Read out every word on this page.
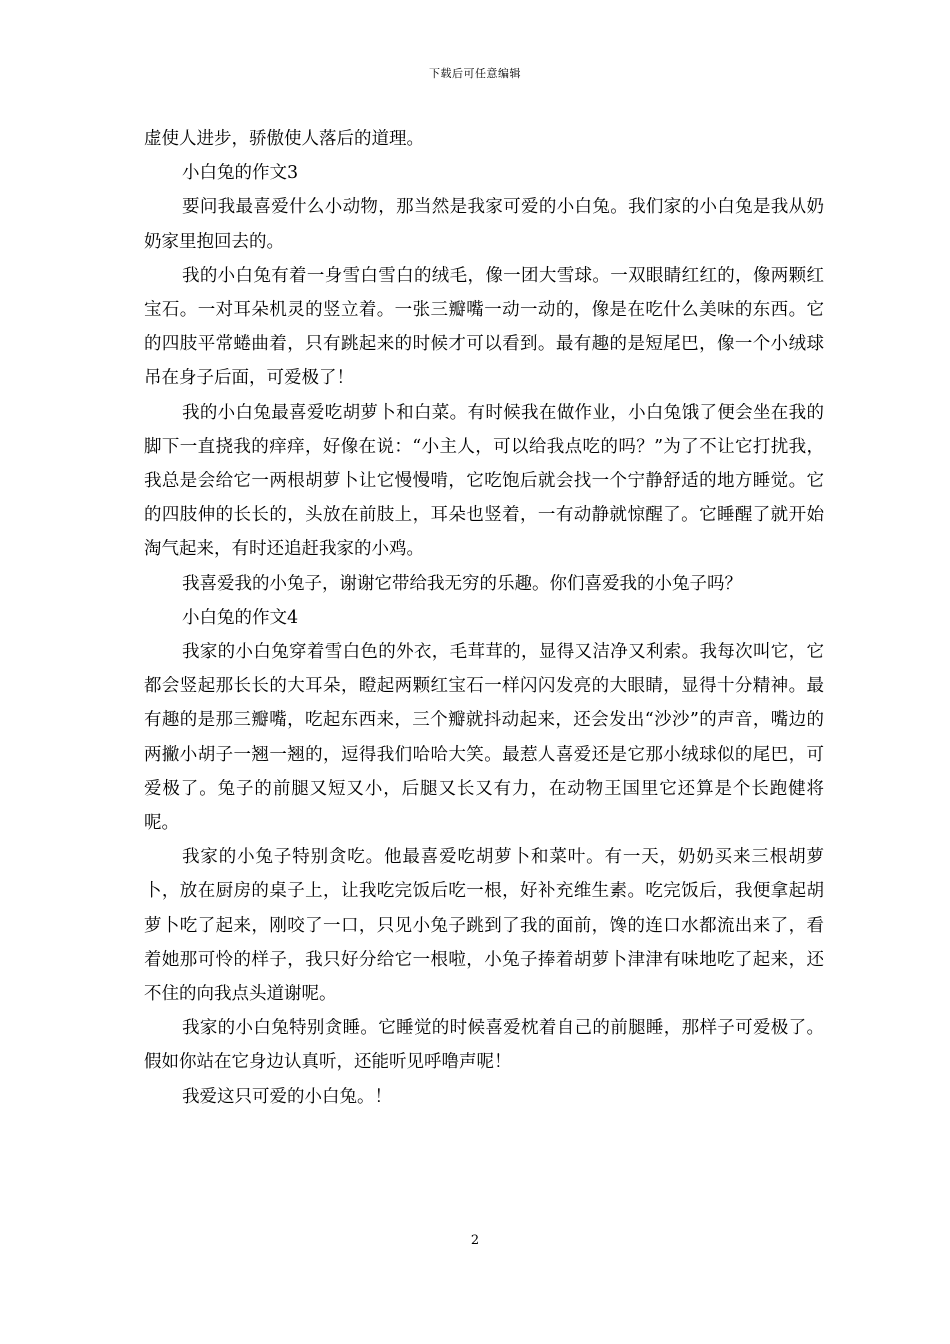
下载后可任意编辑

虚使人进步，骄傲使人落后的道理。

小白兔的作文3

要问我最喜爱什么小动物，那当然是我家可爱的小白兔。我们家的小白兔是我从奶奶家里抱回去的。

我的小白兔有着一身雪白雪白的绒毛，像一团大雪球。一双眼睛红红的，像两颗红宝石。一对耳朵机灵的竖立着。一张三瓣嘴一动一动的，像是在吃什么美味的东西。它的四肢平常蜷曲着，只有跳起来的时候才可以看到。最有趣的是短尾巴，像一个小绒球吊在身子后面，可爱极了！

我的小白兔最喜爱吃胡萝卜和白菜。有时候我在做作业，小白兔饿了便会坐在我的脚下一直挠我的痒痒，好像在说：“小主人，可以给我点吃的吗？”为了不让它打扰我，我总是会给它一两根胡萝卜让它慢慢啃，它吃饱后就会找一个宁静舒适的地方睡觉。它的四肢伸的长长的，头放在前肢上，耳朵也竖着，一有动静就惊醒了。它睡醒了就开始淘气起来，有时还追赶我家的小鸡。

我喜爱我的小兔子，谢谢它带给我无穷的乐趣。你们喜爱我的小兔子吗？

小白兔的作文4

我家的小白兔穿着雪白色的外衣，毛茸茸的，显得又洁净又利索。我每次叫它，它都会竖起那长长的大耳朵，瞪起两颗红宝石一样闪闪发亮的大眼睛，显得十分精神。最有趣的是那三瓣嘴，吃起东西来，三个瓣就抖动起来，还会发出“沙沙”的声音，嘴边的两撇小胡子一翘一翘的，逗得我们哈哈大笑。最惹人喜爱还是它那小绒球似的尾巴，可爱极了。兔子的前腿又短又小，后腿又长又有力，在动物王国里它还算是个长跑健将呢。

我家的小兔子特别贪吃。他最喜爱吃胡萝卜和菜叶。有一天，奶奶买来三根胡萝卜，放在厨房的桌子上，让我吃完饭后吃一根，好补充维生素。吃完饭后，我便拿起胡萝卜吃了起来，刚咬了一口，只见小兔子跳到了我的面前，馋的连口水都流出来了，看着她那可怜的样子，我只好分给它一根啦，小兔子捧着胡萝卜津津有味地吃了起来，还不住的向我点头道谢呢。

我家的小白兔特别贪睡。它睡觉的时候喜爱枕着自己的前腿睡，那样子可爱极了。假如你站在它身边认真听，还能听见呼噜声呢！

我爱这只可爱的小白兔。！

2
